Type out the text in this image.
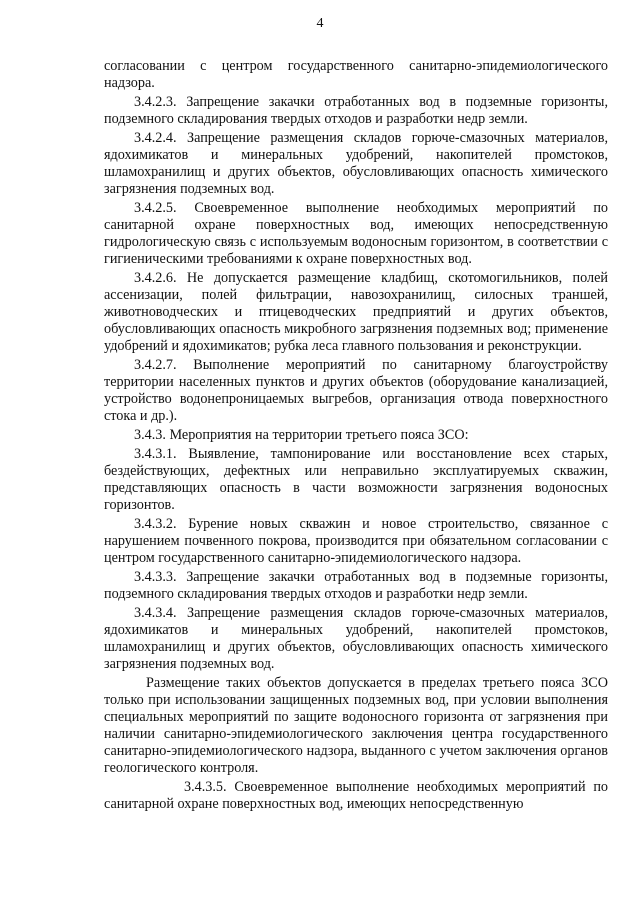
4

согласовании с центром государственного санитарно-эпидемиологического надзора.

3.4.2.3. Запрещение закачки отработанных вод в подземные горизонты, подземного складирования твердых отходов и разработки недр земли.

3.4.2.4. Запрещение размещения складов горюче-смазочных материалов, ядохимикатов и минеральных удобрений, накопителей промстоков, шламохранилищ и других объектов, обусловливающих опасность химического загрязнения подземных вод.

3.4.2.5. Своевременное выполнение необходимых мероприятий по санитарной охране поверхностных вод, имеющих непосредственную гидрологическую связь с используемым водоносным горизонтом, в соответствии с гигиеническими требованиями к охране поверхностных вод.

3.4.2.6. Не допускается размещение кладбищ, скотомогильников, полей ассенизации, полей фильтрации, навозохранилищ, силосных траншей, животноводческих и птицеводческих предприятий и других объектов, обусловливающих опасность микробного загрязнения подземных вод; применение удобрений и ядохимикатов; рубка леса главного пользования и реконструкции.

3.4.2.7. Выполнение мероприятий по санитарному благоустройству территории населенных пунктов и других объектов (оборудование канализацией, устройство водонепроницаемых выгребов, организация отвода поверхностного стока и др.).

3.4.3. Мероприятия на территории третьего пояса ЗСО:

3.4.3.1. Выявление, тампонирование или восстановление всех старых, бездействующих, дефектных или неправильно эксплуатируемых скважин, представляющих опасность в части возможности загрязнения водоносных горизонтов.

3.4.3.2. Бурение новых скважин и новое строительство, связанное с нарушением почвенного покрова, производится при обязательном согласовании с центром государственного санитарно-эпидемиологического надзора.

3.4.3.3. Запрещение закачки отработанных вод в подземные горизонты, подземного складирования твердых отходов и разработки недр земли.

3.4.3.4. Запрещение размещения складов горюче-смазочных материалов, ядохимикатов и минеральных удобрений, накопителей промстоков, шламохранилищ и других объектов, обусловливающих опасность химического загрязнения подземных вод.

Размещение таких объектов допускается в пределах третьего пояса ЗСО только при использовании защищенных подземных вод, при условии выполнения специальных мероприятий по защите водоносного горизонта от загрязнения при наличии санитарно-эпидемиологического заключения центра государственного санитарно-эпидемиологического надзора, выданного с учетом заключения органов геологического контроля.

3.4.3.5. Своевременное выполнение необходимых мероприятий по санитарной охране поверхностных вод, имеющих непосредственную
